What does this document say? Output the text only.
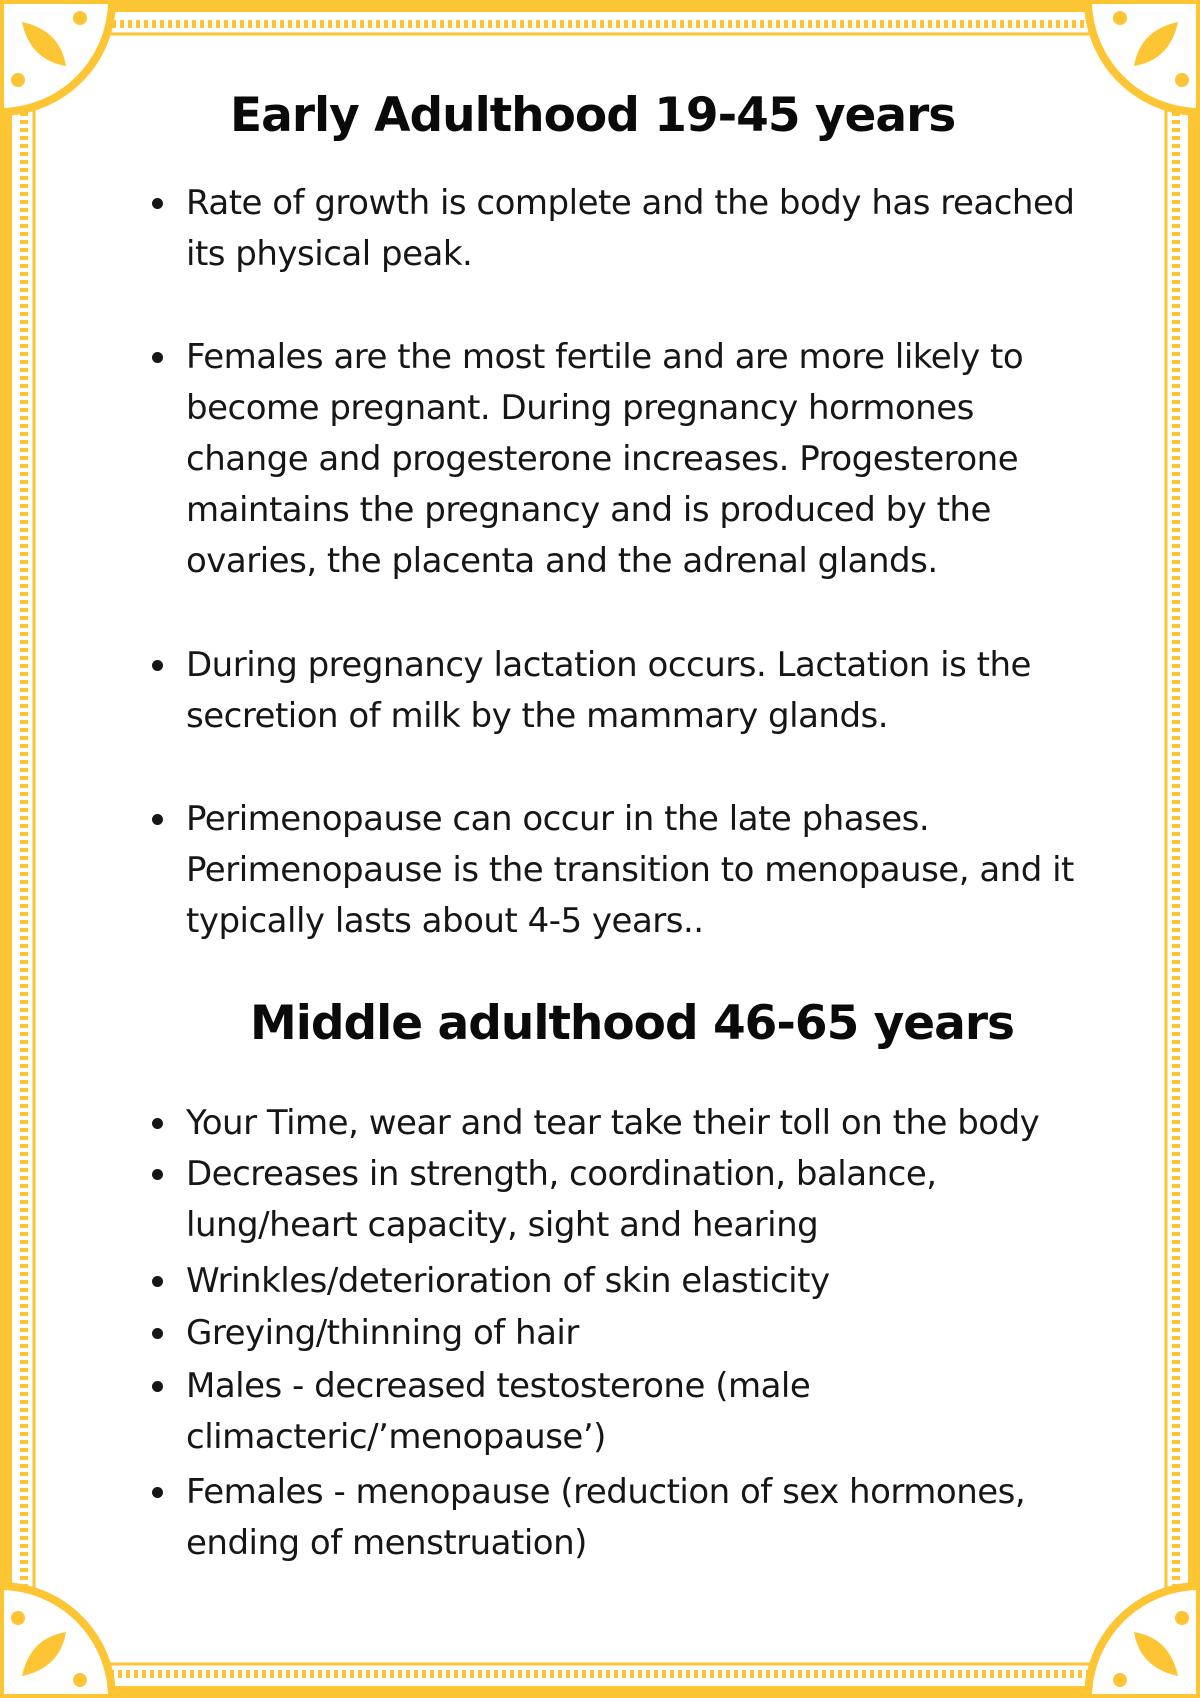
Early Adulthood 19-45 years
Rate of growth is complete and the body has reached its physical peak.
Females are the most fertile and are more likely to become pregnant. During pregnancy hormones change and progesterone increases. Progesterone maintains the pregnancy and is produced by the ovaries, the placenta and the adrenal glands.
During pregnancy lactation occurs. Lactation is the secretion of milk by the mammary glands.
Perimenopause can occur in the late phases. Perimenopause is the transition to menopause, and it typically lasts about 4-5 years..
Middle adulthood 46-65 years
Your Time, wear and tear take their toll on the body
Decreases in strength, coordination, balance, lung/heart capacity, sight and hearing
Wrinkles/deterioration of skin elasticity
Greying/thinning of hair
Males - decreased testosterone (male climacteric/’menopause’)
Females - menopause (reduction of sex hormones, ending of menstruation)
